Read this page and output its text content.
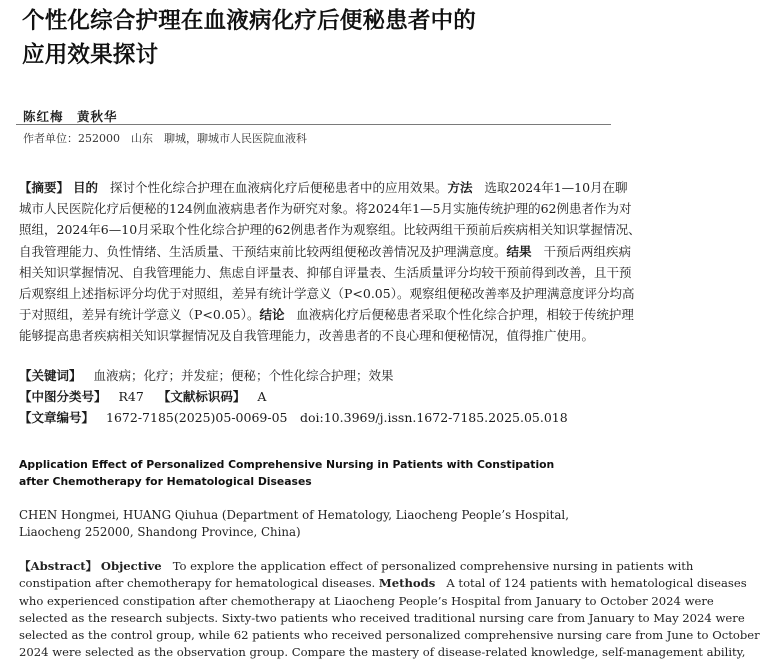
个性化综合护理在血液病化疗后便秘患者中的
应用效果探讨
陈红梅　黄秋华
作者单位：252000　山东　聊城，聊城市人民医院血液科
【摘要】 目的 探讨个性化综合护理在血液病化疗后便秘患者中的应用效果。方法 选取2024年1—10月在聊
城市人民医院化疗后便秘的124例血液病患者作为研究对象。将2024年1—5月实施传统护理的62例患者作为对
照组，2024年6—10月采取个性化综合护理的62例患者作为观察组。比较两组干预前后疾病相关知识掌握情况、
自我管理能力、负性情绪、生活质量、干预结束前比较两组便秘改善情况及护理满意度。结果 干预后两组疾病
相关知识掌握情况、自我管理能力、焦虑自评量表、抑郁自评量表、生活质量评分均较干预前得到改善，且干预
后观察组上述指标评分均优于对照组，差异有统计学意义（P<0.05）。观察组便秘改善率及护理满意度评分均高
于对照组，差异有统计学意义（P<0.05）。结论 血液病化疗后便秘患者采取个性化综合护理，相较于传统护理
能够提高患者疾病相关知识掌握情况及自我管理能力，改善患者的不良心理和便秘情况，值得推广使用。
【关键词】 血液病；化疗；并发症；便秘；个性化综合护理；效果
【中图分类号】 R47 【文献标识码】 A
【文章编号】 1672-7185(2025)05-0069-05　doi:10.3969/j.issn.1672-7185.2025.05.018
Application Effect of Personalized Comprehensive Nursing in Patients with Constipation after Chemotherapy for Hematological Diseases
CHEN Hongmei, HUANG Qiuhua (Department of Hematology, Liaocheng People’s Hospital, Liaocheng 252000, Shandong Province, China)
【Abstract】 Objective To explore the application effect of personalized comprehensive nursing in patients with
constipation after chemotherapy for hematological diseases. Methods A total of 124 patients with hematological diseases
who experienced constipation after chemotherapy at Liaocheng People’s Hospital from January to October 2024 were
selected as the research subjects. Sixty-two patients who received traditional nursing care from January to May 2024 were
selected as the control group, while 62 patients who received personalized comprehensive nursing care from June to October
2024 were selected as the observation group. Compare the mastery of disease-related knowledge, self-management ability,
